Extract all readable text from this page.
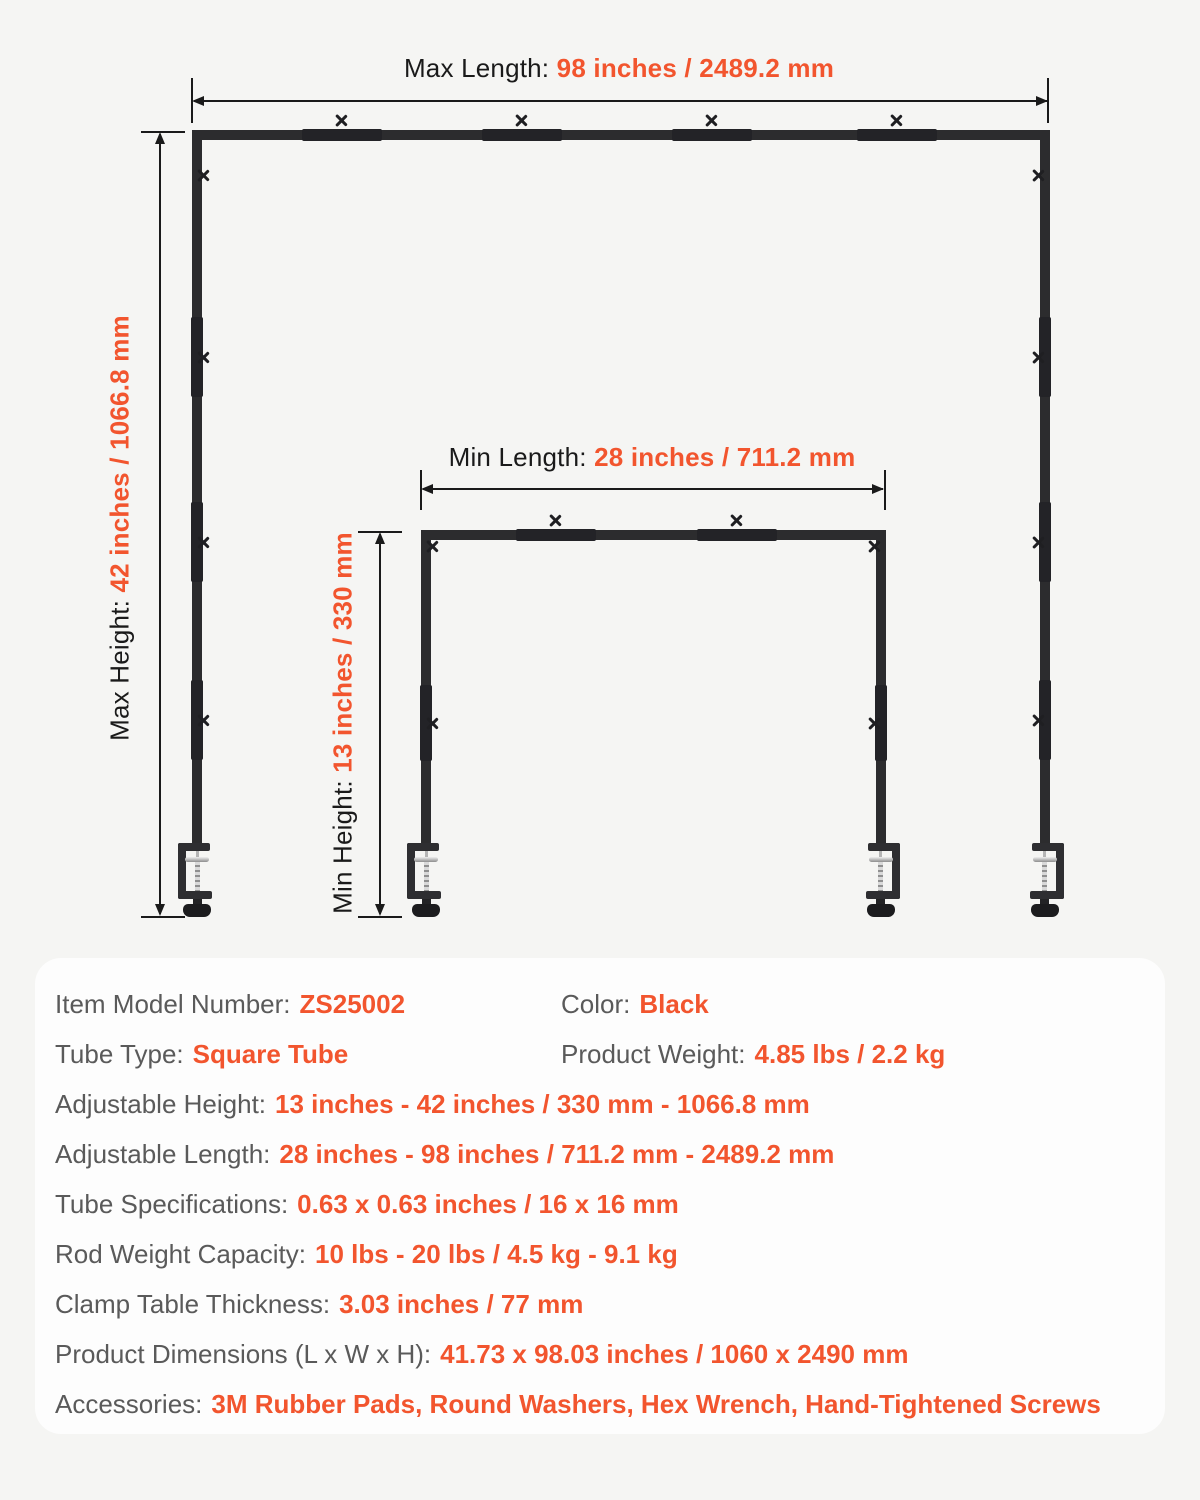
Max Length: 98 inches / 2489.2 mm
Max Height: 42 inches / 1066.8 mm	Min Length: 28 inches / 711.2 mm
Min Height: 13 inches / 330 mm
Item Model Number: ZS25002	Color: Black
Tube Type: Square Tube	Product Weight: 4.85 lbs / 2.2 kg
Adjustable Height: 13 inches - 42 inches / 330 mm - 1066.8 mm
Adjustable Length: 28 inches - 98 inches / 711.2 mm - 2489.2 mm
Tube Specifications: 0.63 x 0.63 inches / 16 x 16 mm
Rod Weight Capacity: 10 lbs - 20 lbs / 4.5 kg - 9.1 kg
Clamp Table Thickness: 3.03 inches / 77 mm
Product Dimensions (L x W x H): 41.73 x 98.03 inches / 1060 x 2490 mm
Accessories: 3M Rubber Pads, Round Washers, Hex Wrench, Hand-Tightened Screws
